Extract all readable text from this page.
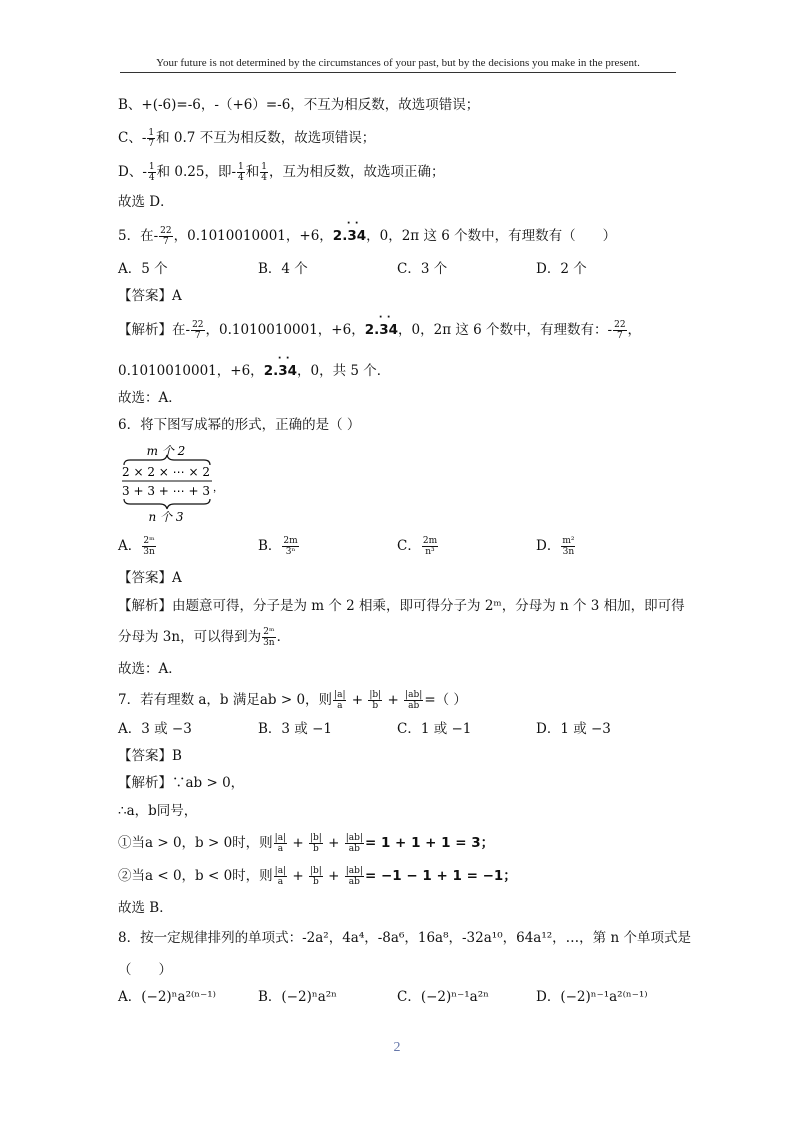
Your future is not determined by the circumstances of your past, but by the decisions you make in the present.
B、+(-6)=-6，-（+6）=-6，不互为相反数，故选项错误；
C、- $\frac{1}{7}$ 和 0.7 不互为相反数，故选项错误；
D、- $\frac{1}{4}$ 和 0.25，即- $\frac{1}{4}$ 和 $\frac{1}{4}$ ，互为相反数，故选项正确；
故选 D．
5．在- $\frac{22}{7}$ ，0.1010010001，+6，
· ·
2.34，0，2π 这 6 个数中，有理数有（　　）
A．5 个	B．4 个	C．3 个	D．2 个
【答案】A
【解析】在- $\frac{22}{7}$ ，0.1010010001，+6，
· ·
2.34，0，2π 这 6 个数中，有理数有：- $\frac{22}{7}$ ，
0.1010010001，+6，
· ·
2.34，0，共 5 个．
故选：A．
6．将下图写成幂的形式，正确的是（ ）
m 个 2
2 × 2 × ⋯ × 2
3 + 3 + ⋯ + 3 ，
n 个 3
A． $\frac{\text{2ᵐ}}{3n}$	B． $\frac{2m}{\text{3ⁿ}}$	C． $\frac{2m}{\text{n³}}$	D． $\frac{\text{m²}}{3n}$
【答案】A
【解析】由题意可得，分子是为 m 个 2 相乘，即可得分子为 2ᵐ，分母为 n 个 3 相加，即可得
分母为 3n，可以得到为 $\frac{\text{2ᵐ}}{3n}$ ．
故选：A．
7．若有理数 a，b 满足ab > 0，则 $\frac{|a|}{a} + \frac{|b|}{b} + \frac{|ab|}{ab}$ =（ ）
A．3 或 −3	B．3 或 −1	C．1 或 −1	D．1 或 −3
【答案】B
【解析】∵ab > 0，
∴a，b同号，
①当a > 0，b > 0时，则 $\frac{|a|}{a} + \frac{|b|}{b} + \frac{|ab|}{ab} = 1 + 1 + 1 = 3$；
②当a < 0，b < 0时，则 $\frac{|a|}{a} + \frac{|b|}{b} + \frac{|ab|}{ab} = -1 - 1 + 1 = -1$；
故选 B．
8．按一定规律排列的单项式：-2a²，4a⁴，-8a⁶，16a⁸，-32a¹⁰，64a¹²，…，第 n 个单项式是
（　　）
A．(−2)ⁿa²⁽ⁿ⁻¹⁾	B．(−2)ⁿa²ⁿ	C．(−2)ⁿ⁻¹a²ⁿ	D．(−2)ⁿ⁻¹a²⁽ⁿ⁻¹⁾
2
